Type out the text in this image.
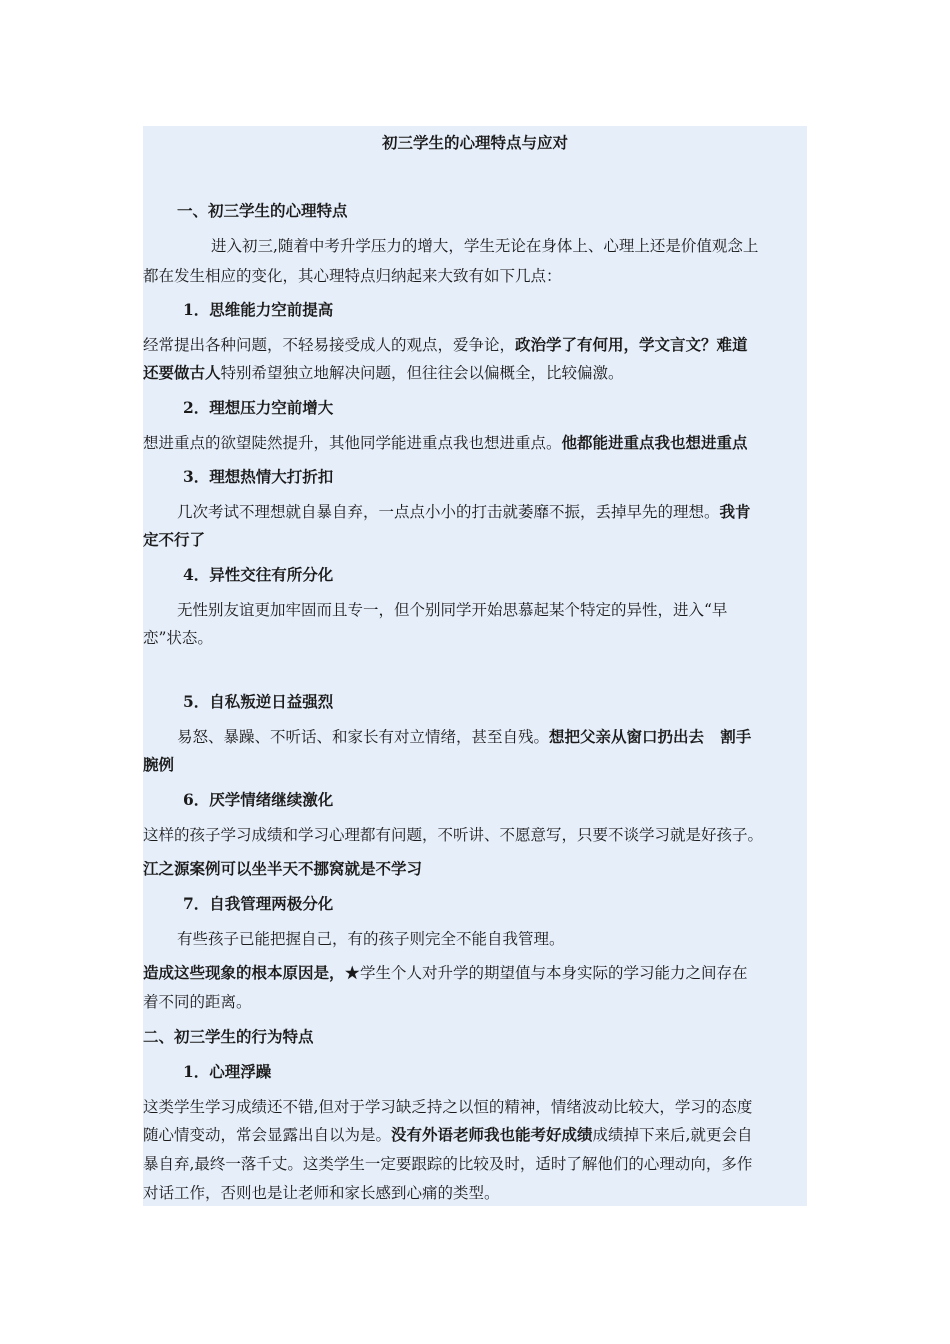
初三学生的心理特点与应对
一、初三学生的心理特点
进入初三,随着中考升学压力的增大，学生无论在身体上、心理上还是价值观念上
都在发生相应的变化，其心理特点归纳起来大致有如下几点：
1．思维能力空前提高
经常提出各种问题，不轻易接受成人的观点，爱争论，政治学了有何用，学文言文？难道
还要做古人特别希望独立地解决问题，但往往会以偏概全，比较偏激。
2．理想压力空前增大
想进重点的欲望陡然提升，其他同学能进重点我也想进重点。他都能进重点我也想进重点
3．理想热情大打折扣
几次考试不理想就自暴自弃，一点点小小的打击就萎靡不振，丢掉早先的理想。我肯
定不行了
4．异性交往有所分化
无性别友谊更加牢固而且专一，但个别同学开始思慕起某个特定的异性，进入“早
恋”状态。
5．自私叛逆日益强烈
易怒、暴躁、不听话、和家长有对立情绪，甚至自残。想把父亲从窗口扔出去   割手
腕例
6．厌学情绪继续激化
这样的孩子学习成绩和学习心理都有问题，不听讲、不愿意写，只要不谈学习就是好孩子。
江之源案例可以坐半天不挪窝就是不学习
7．自我管理两极分化
有些孩子已能把握自己，有的孩子则完全不能自我管理。
造成这些现象的根本原因是，★学生个人对升学的期望值与本身实际的学习能力之间存在
着不同的距离。
二、初三学生的行为特点
1．心理浮躁
这类学生学习成绩还不错,但对于学习缺乏持之以恒的精神，情绪波动比较大，学习的态度
随心情变动，常会显露出自以为是。没有外语老师我也能考好成绩成绩掉下来后,就更会自
暴自弃,最终一落千丈。这类学生一定要跟踪的比较及时，适时了解他们的心理动向，多作
对话工作，否则也是让老师和家长感到心痛的类型。
